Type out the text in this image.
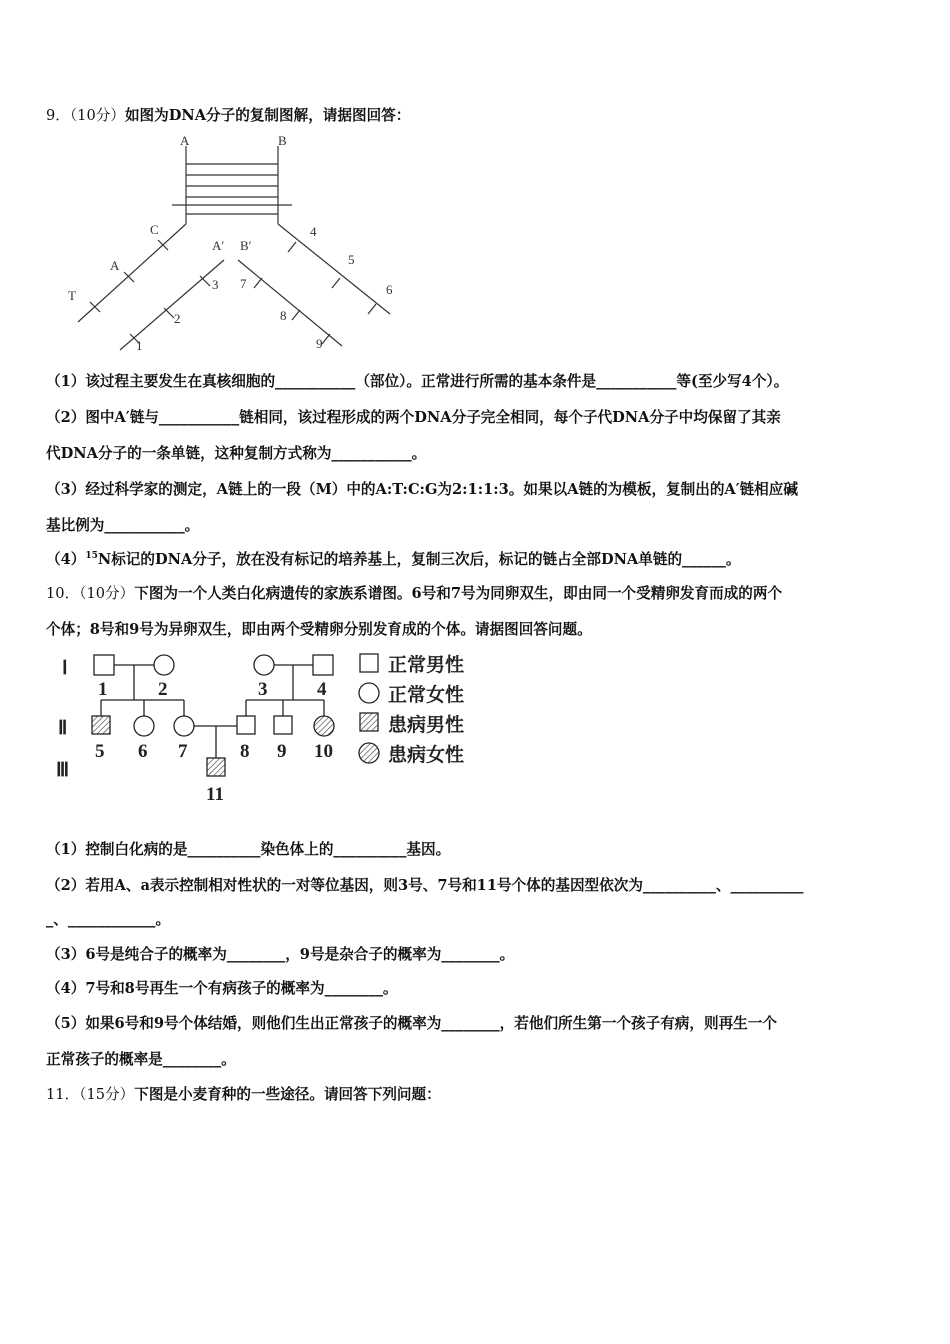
9．（10分）如图为DNA分子的复制图解，请据图回答：
A	B
A′ B′
C
A
T
3
2
1
7
8
9
4
5
6
（1）该过程主要发生在真核细胞的___________（部位）。正常进行所需的基本条件是___________等(至少写4个）。
（2）图中A′链与___________链相同，该过程形成的两个DNA分子完全相同，每个子代DNA分子中均保留了其亲
代DNA分子的一条单链，这种复制方式称为___________。
（3）经过科学家的测定，A链上的一段（M）中的A:T:C:G为2:1:1:3。如果以A链的为模板，复制出的A′链相应碱
基比例为___________。
$(4)^{15}N$标记的DNA分子，放在没有标记的培养基上，复制三次后，标记的链占全部DNA单链的______。
10．（10分）下图为一个人类白化病遗传的家族系谱图。6号和7号为同卵双生，即由同一个受精卵发育而成的两个
个体；8号和9号为异卵双生，即由两个受精卵分别发育成的个体。请据图回答问题。
Ⅰ
Ⅱ
Ⅲ
1	2	3	4
5 6 7	8 9 10
11
正常男性
正常女性
患病男性
患病女性
（1）控制白化病的是__________染色体上的__________基因。
（2）若用A、a表示控制相对性状的一对等位基因，则3号、7号和11号个体的基因型依次为__________、__________
_、____________。
（3）6号是纯合子的概率为________，9号是杂合子的概率为________。
（4）7号和8号再生一个有病孩子的概率为________。
（5）如果6号和9号个体结婚，则他们生出正常孩子的概率为________，若他们所生第一个孩子有病，则再生一个
正常孩子的概率是________。
11．（15分）下图是小麦育种的一些途径。请回答下列问题：
